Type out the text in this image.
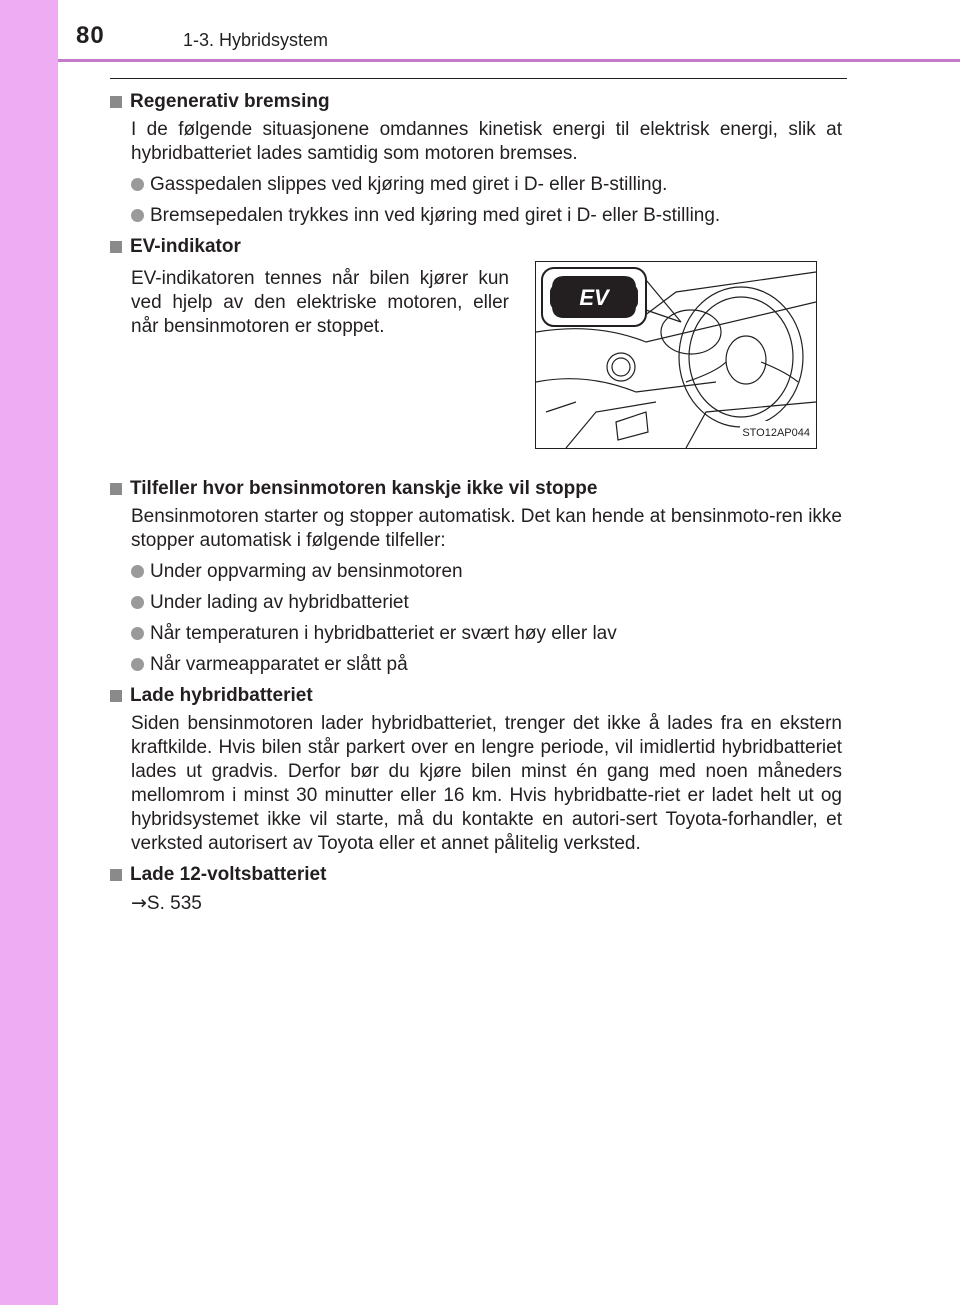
80	1-3. Hybridsystem
Regenerativ bremsing
I de følgende situasjonene omdannes kinetisk energi til elektrisk energi, slik at hybridbatteriet lades samtidig som motoren bremses.
Gasspedalen slippes ved kjøring med giret i D- eller B-stilling.
Bremsepedalen trykkes inn ved kjøring med giret i D- eller B-stilling.
EV-indikator
EV-indikatoren tennes når bilen kjører kun ved hjelp av den elektriske motoren, eller når bensinmotoren er stoppet.
EV
STO12AP044
Tilfeller hvor bensinmotoren kanskje ikke vil stoppe
Bensinmotoren starter og stopper automatisk. Det kan hende at bensinmoto-ren ikke stopper automatisk i følgende tilfeller:
Under oppvarming av bensinmotoren
Under lading av hybridbatteriet
Når temperaturen i hybridbatteriet er svært høy eller lav
Når varmeapparatet er slått på
Lade hybridbatteriet
Siden bensinmotoren lader hybridbatteriet, trenger det ikke å lades fra en ekstern kraftkilde. Hvis bilen står parkert over en lengre periode, vil imidlertid hybridbatteriet lades ut gradvis. Derfor bør du kjøre bilen minst én gang med noen måneders mellomrom i minst 30 minutter eller 16 km. Hvis hybridbatte-riet er ladet helt ut og hybridsystemet ikke vil starte, må du kontakte en autori-sert Toyota-forhandler, et verksted autorisert av Toyota eller et annet pålitelig verksted.
Lade 12-voltsbatteriet
→S. 535
